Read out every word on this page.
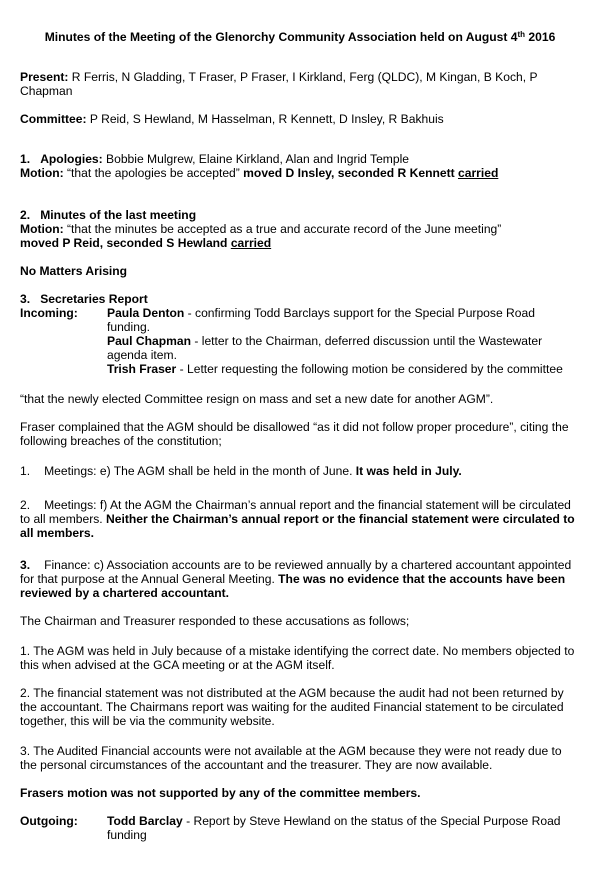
Minutes of the Meeting of the Glenorchy Community Association held on August 4th 2016

Present: R Ferris, N Gladding, T Fraser, P Fraser, I Kirkland, Ferg (QLDC), M Kingan, B Koch, P Chapman

Committee: P Reid, S Hewland, M Hasselman, R Kennett, D Insley, R Bakhuis

1. Apologies: Bobbie Mulgrew, Elaine Kirkland, Alan and Ingrid Temple

Motion: “that the apologies be accepted” moved D Insley, seconded R Kennett carried

2. Minutes of the last meeting

Motion: “that the minutes be accepted as a true and accurate record of the June meeting”

moved P Reid, seconded S Hewland carried

No Matters Arising

3. Secretaries Report

Incoming:	Paula Denton - confirming Todd Barclays support for the Special Purpose Road funding.

Paul Chapman - letter to the Chairman, deferred discussion until the Wastewater agenda item.

Trish Fraser - Letter requesting the following motion be considered by the committee

“that the newly elected Committee resign on mass and set a new date for another AGM”.

Fraser complained that the AGM should be disallowed “as it did not follow proper procedure”, citing the following breaches of the constitution;

1. Meetings: e) The AGM shall be held in the month of June. It was held in July.

2. Meetings: f) At the AGM the Chairman’s annual report and the financial statement will be circulated to all members. Neither the Chairman’s annual report or the financial statement were circulated to all members.

3. Finance: c) Association accounts are to be reviewed annually by a chartered accountant appointed for that purpose at the Annual General Meeting. The was no evidence that the accounts have been reviewed by a chartered accountant.

The Chairman and Treasurer responded to these accusations as follows;

1. The AGM was held in July because of a mistake identifying the correct date. No members objected to this when advised at the GCA meeting or at the AGM itself.

2. The financial statement was not distributed at the AGM because the audit had not been returned by the accountant. The Chairmans report was waiting for the audited Financial statement to be circulated together, this will be via the community website.

3. The Audited Financial accounts were not available at the AGM because they were not ready due to the personal circumstances of the accountant and the treasurer. They are now available.

Frasers motion was not supported by any of the committee members.

Outgoing:	Todd Barclay - Report by Steve Hewland on the status of the Special Purpose Road funding
